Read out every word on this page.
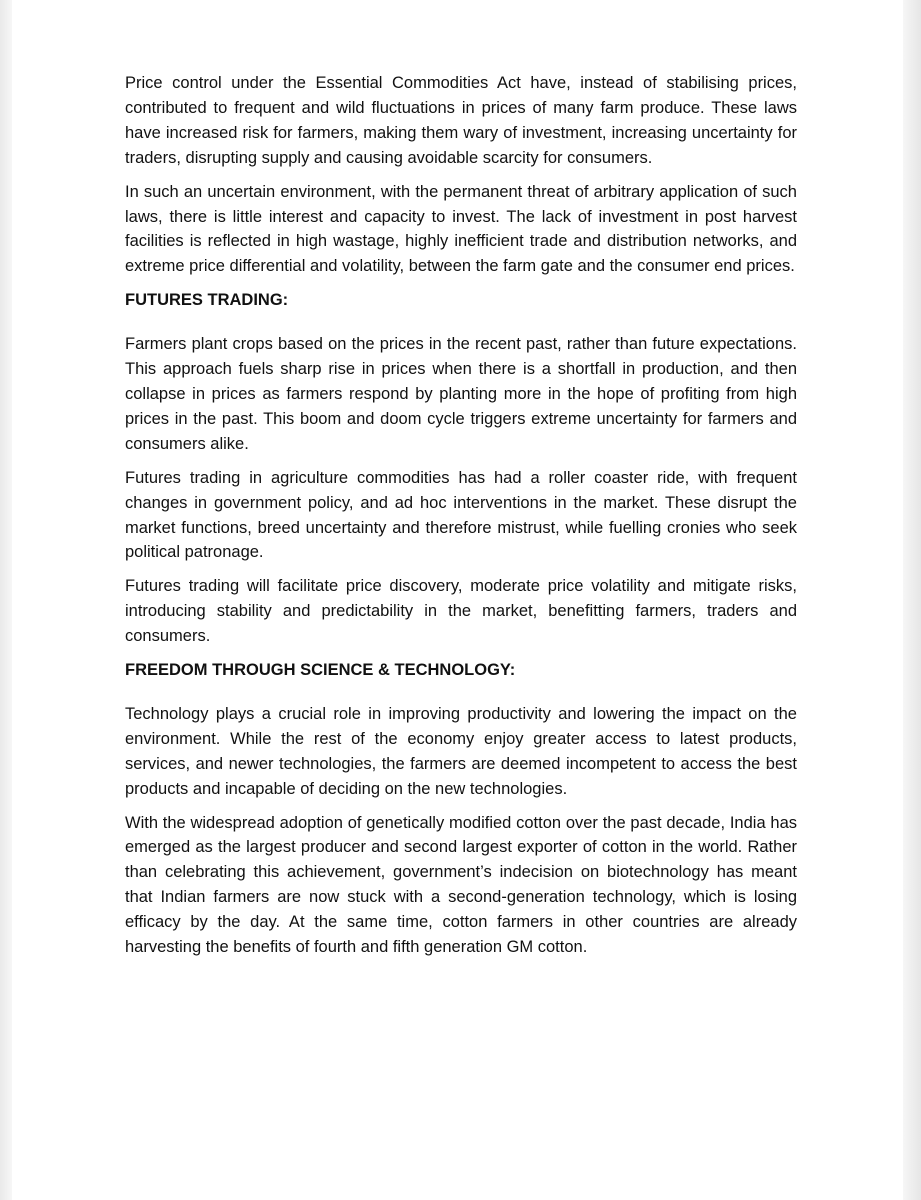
Price control under the Essential Commodities Act have, instead of stabilising prices, contributed to frequent and wild fluctuations in prices of many farm produce. These laws have increased risk for farmers, making them wary of investment, increasing uncertainty for traders, disrupting supply and causing avoidable scarcity for consumers.

In such an uncertain environment, with the permanent threat of arbitrary application of such laws, there is little interest and capacity to invest. The lack of investment in post harvest facilities is reflected in high wastage, highly inefficient trade and distribution networks, and extreme price differential and volatility, between the farm gate and the consumer end prices.

FUTURES TRADING:

Farmers plant crops based on the prices in the recent past, rather than future expectations. This approach fuels sharp rise in prices when there is a shortfall in production, and then collapse in prices as farmers respond by planting more in the hope of profiting from high prices in the past. This boom and doom cycle triggers extreme uncertainty for farmers and consumers alike.

Futures trading in agriculture commodities has had a roller coaster ride, with frequent changes in government policy, and ad hoc interventions in the market. These disrupt the market functions, breed uncertainty and therefore mistrust, while fuelling cronies who seek political patronage.

Futures trading will facilitate price discovery, moderate price volatility and mitigate risks, introducing stability and predictability in the market, benefitting farmers, traders and consumers.

FREEDOM THROUGH SCIENCE & TECHNOLOGY:

Technology plays a crucial role in improving productivity and lowering the impact on the environment. While the rest of the economy enjoy greater access to latest products, services, and newer technologies, the farmers are deemed incompetent to access the best products and incapable of deciding on the new technologies.

With the widespread adoption of genetically modified cotton over the past decade, India has emerged as the largest producer and second largest exporter of cotton in the world. Rather than celebrating this achievement, government’s indecision on biotechnology has meant that Indian farmers are now stuck with a second-generation technology, which is losing efficacy by the day. At the same time, cotton farmers in other countries are already harvesting the benefits of fourth and fifth generation GM cotton.
